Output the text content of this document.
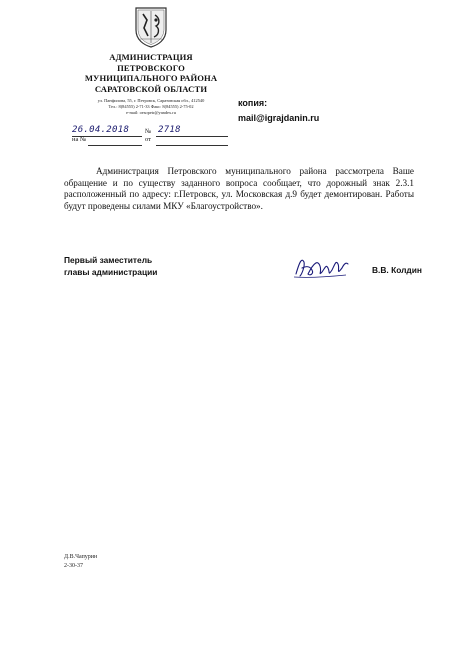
АДМИНИСТРАЦИЯ
ПЕТРОВСКОГО
МУНИЦИПАЛЬНОГО РАЙОНА
САРАТОВСКОЙ ОБЛАСТИ
ул. Панфилова, 55, г. Петровск, Саратовская обл., 412540
Тел.: 8(84555) 2-71-33 Факс: 8(84555) 2-75-02
e-mail: oesopetr@yandex.ru
копия:
mail@igrajdanin.ru
26.04.2018 № 2718
на №	от

Администрация Петровского муниципального района рассмотрела Ваше обращение и по существу заданного вопроса сообщает, что дорожный знак 2.3.1 расположенный по адресу: г.Петровск, ул. Московская д.9 будет демонтирован. Работы будут проведены силами МКУ «Благоустройство».

Первый заместитель
главы администрации	В.В. Колдин
Д.В.Чапурин
2-30-37
